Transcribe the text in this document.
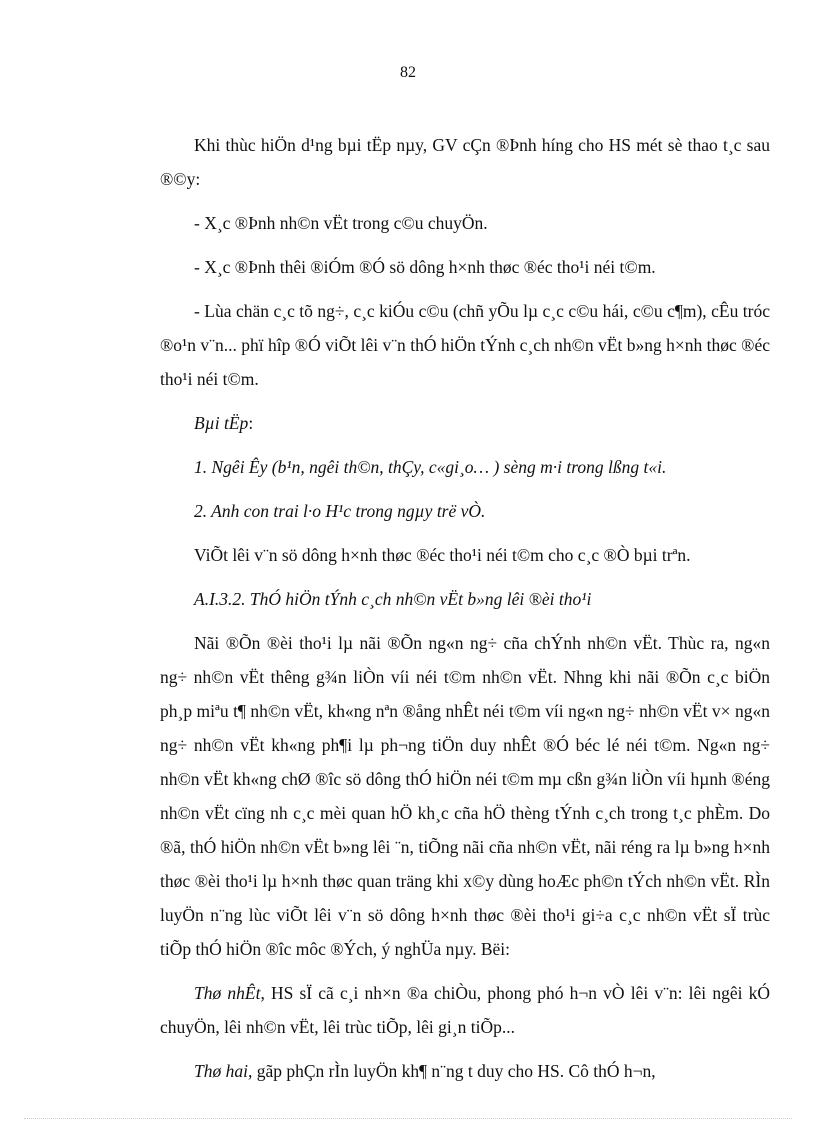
82

Khi thùc hiÖn d¹ng bµi tËp nµy, GV cÇn ®Þnh híng cho HS mét sè thao t¸c sau ®©y:

- X¸c ®Þnh nh©n vËt trong c©u chuyÖn.

- X¸c ®Þnh thêi ®iÓm ®Ó sö dông h×nh thøc ®éc tho¹i néi t©m.

- Lùa chän c¸c tõ ng÷, c¸c kiÓu c©u (chñ yÕu lµ c¸c c©u hái, c©u c¶m), cÊu tróc ®o¹n v¨n... phï hîp ®Ó viÕt lêi v¨n thÓ hiÖn tÝnh c¸ch nh©n vËt b»ng h×nh thøc ®éc tho¹i néi t©m.

Bµi tËp:

1. Ngêi Êy (b¹n, ngêi th©n, thÇy, c«gi¸o… ) sèng m·i trong lßng t«i.

2. Anh con trai l·o H¹c trong ngµy trë vÒ.

ViÕt lêi v¨n sö dông h×nh thøc ®éc tho¹i néi t©m cho c¸c ®Ò bµi trªn.

A.I.3.2. ThÓ hiÖn tÝnh c¸ch nh©n vËt b»ng lêi ®èi tho¹i

Nãi ®Õn ®èi tho¹i lµ nãi ®Õn ng«n ng÷ cña chÝnh nh©n vËt. Thùc ra, ng«n ng÷ nh©n vËt thêng g¾n liÒn víi néi t©m nh©n vËt. Nhng khi nãi ®Õn c¸c biÖn ph¸p miªu t¶ nh©n vËt, kh«ng nªn ®ång nhÊt néi t©m víi ng«n ng÷ nh©n vËt v× ng«n ng÷ nh©n vËt kh«ng ph¶i lµ ph¬ng tiÖn duy nhÊt ®Ó béc lé néi t©m. Ng«n ng÷ nh©n vËt kh«ng chØ ®îc sö dông thÓ hiÖn néi t©m mµ cßn g¾n liÒn víi hµnh ®éng nh©n vËt cïng nh c¸c mèi quan hÖ kh¸c cña hÖ thèng tÝnh c¸ch trong t¸c phÈm. Do ®ã, thÓ hiÖn nh©n vËt b»ng lêi ¨n, tiÕng nãi cña nh©n vËt, nãi réng ra lµ b»ng h×nh thøc ®èi tho¹i lµ h×nh thøc quan träng khi x©y dùng hoÆc ph©n tÝch nh©n vËt. RÌn luyÖn n¨ng lùc viÕt lêi v¨n sö dông h×nh thøc ®èi tho¹i gi÷a c¸c nh©n vËt sÏ trùc tiÕp thÓ hiÖn ®îc môc ®Ých, ý nghÜa nµy. Bëi:

Thø nhÊt, HS sÏ cã c¸i nh×n ®a chiÒu, phong phó h¬n vÒ lêi v¨n: lêi ngêi kÓ chuyÖn, lêi nh©n vËt, lêi trùc tiÕp, lêi gi¸n tiÕp...

Thø hai, gãp phÇn rÌn luyÖn kh¶ n¨ng t duy cho HS. Cô thÓ h¬n,
